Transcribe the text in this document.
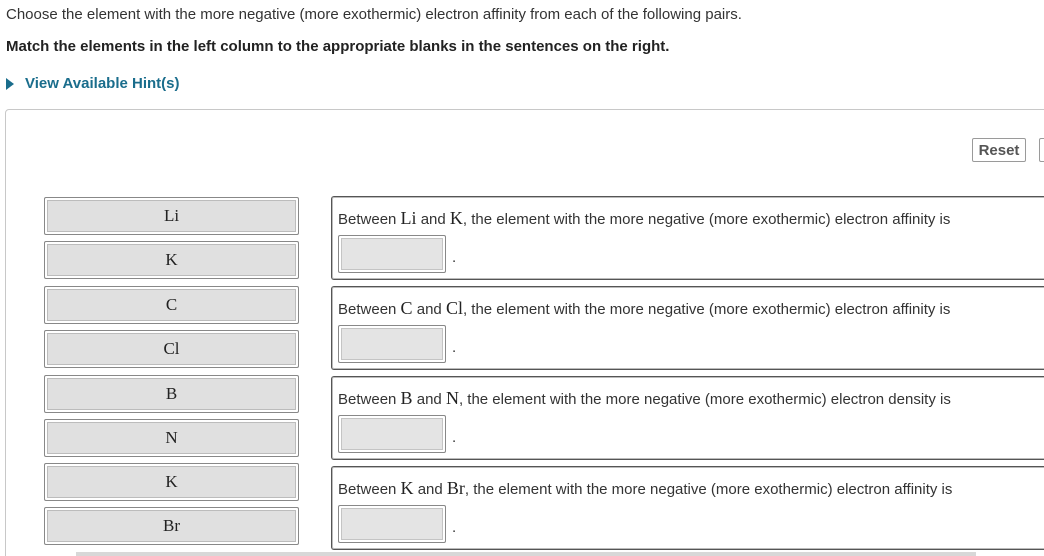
Choose the element with the more negative (more exothermic) electron affinity from each of the following pairs.
Match the elements in the left column to the appropriate blanks in the sentences on the right.
View Available Hint(s)
Reset
Li
K
C
Cl
B
N
K
Br
Between Li and K, the element with the more negative (more exothermic) electron affinity is
.
Between C and Cl, the element with the more negative (more exothermic) electron affinity is
.
Between B and N, the element with the more negative (more exothermic) electron density is
.
Between K and Br, the element with the more negative (more exothermic) electron affinity is
.
